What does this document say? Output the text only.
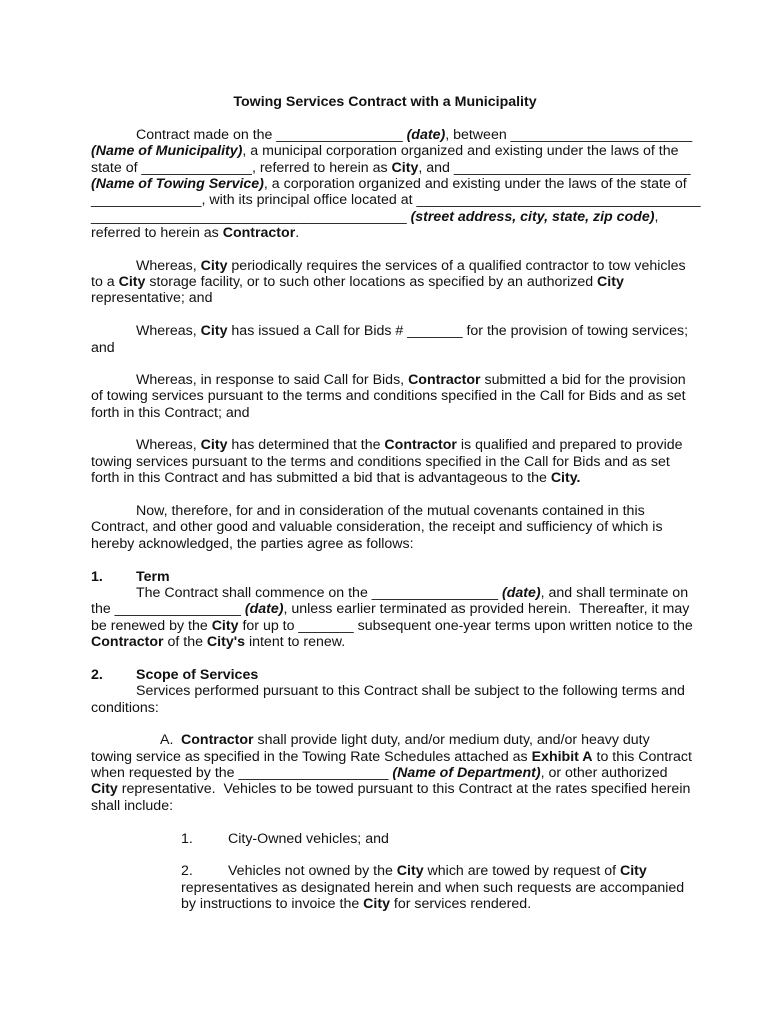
Towing Services Contract with a Municipality
Contract made on the ________________ (date), between _______________________
(Name of Municipality), a municipal corporation organized and existing under the laws of the
state of ______________, referred to herein as City, and ______________________________
(Name of Towing Service), a corporation organized and existing under the laws of the state of
______________, with its principal office located at ____________________________________
________________________________________ (street address, city, state, zip code),
referred to herein as Contractor.
Whereas, City periodically requires the services of a qualified contractor to tow vehicles
to a City storage facility, or to such other locations as specified by an authorized City
representative; and
Whereas, City has issued a Call for Bids # _______ for the provision of towing services;
and
Whereas, in response to said Call for Bids, Contractor submitted a bid for the provision
of towing services pursuant to the terms and conditions specified in the Call for Bids and as set
forth in this Contract; and
Whereas, City has determined that the Contractor is qualified and prepared to provide
towing services pursuant to the terms and conditions specified in the Call for Bids and as set
forth in this Contract and has submitted a bid that is advantageous to the City.
Now, therefore, for and in consideration of the mutual covenants contained in this
Contract, and other good and valuable consideration, the receipt and sufficiency of which is
hereby acknowledged, the parties agree as follows:
1. Term
The Contract shall commence on the ________________ (date), and shall terminate on
the ________________ (date), unless earlier terminated as provided herein.  Thereafter, it may
be renewed by the City for up to _______ subsequent one-year terms upon written notice to the
Contractor of the City's intent to renew.
2. Scope of Services
Services performed pursuant to this Contract shall be subject to the following terms and
conditions:
A. Contractor shall provide light duty, and/or medium duty, and/or heavy duty
towing service as specified in the Towing Rate Schedules attached as Exhibit A to this Contract
when requested by the ___________________ (Name of Department), or other authorized
City representative.  Vehicles to be towed pursuant to this Contract at the rates specified herein
shall include:
1. City-Owned vehicles; and
2. Vehicles not owned by the City which are towed by request of City
representatives as designated herein and when such requests are accompanied
by instructions to invoice the City for services rendered.
